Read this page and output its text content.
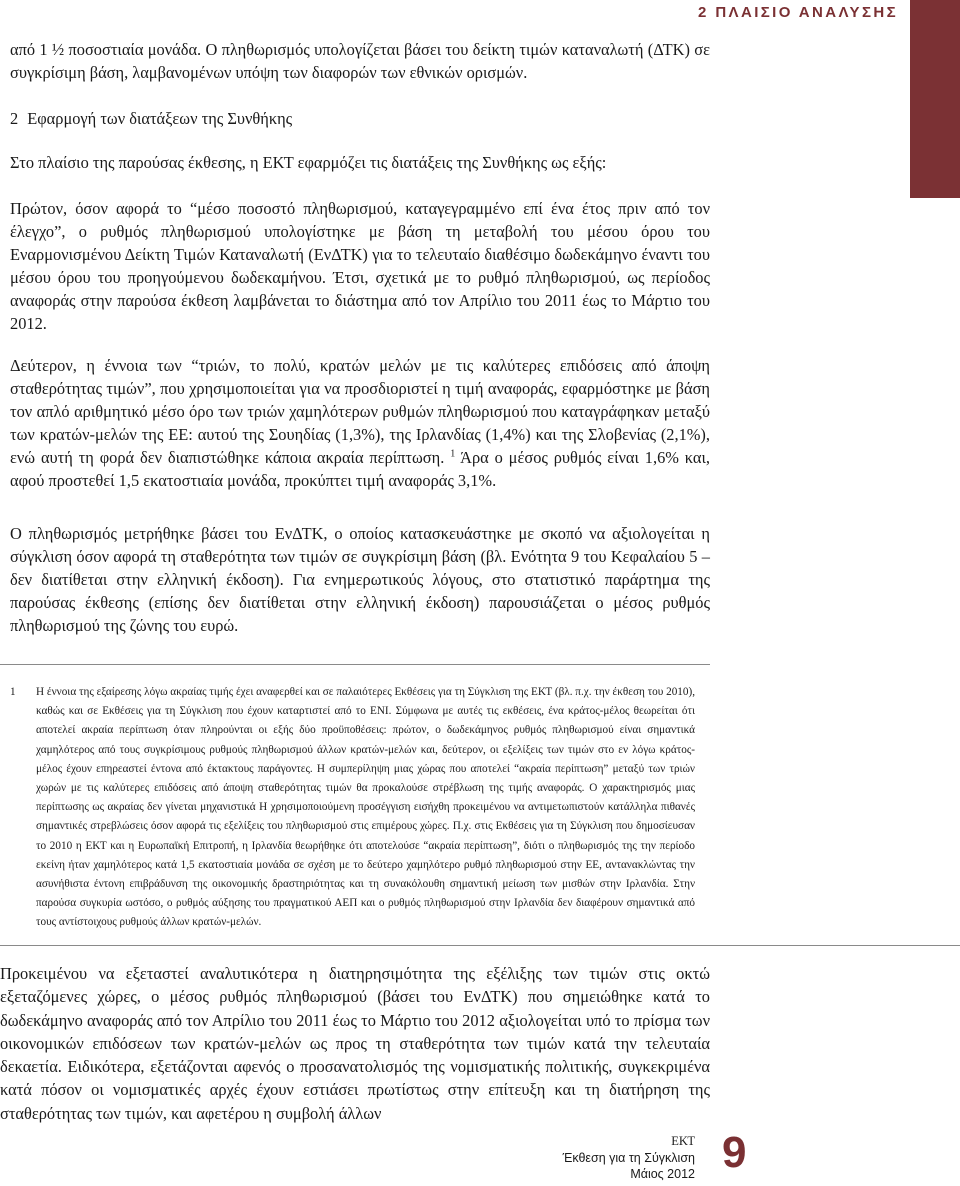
2 ΠΛΑΙΣΙΟ ΑΝΑΛΥΣΗΣ

από 1 ½ ποσοστιαία μονάδα. Ο πληθωρισμός υπολογίζεται βάσει του δείκτη τιμών καταναλωτή (ΔΤΚ) σε συγκρίσιμη βάση, λαμβανομένων υπόψη των διαφορών των εθνικών ορισμών.

2 Εφαρμογή των διατάξεων της Συνθήκης

Στο πλαίσιο της παρούσας έκθεσης, η ΕΚΤ εφαρμόζει τις διατάξεις της Συνθήκης ως εξής:

Πρώτον, όσον αφορά το “μέσο ποσοστό πληθωρισμού, καταγεγραμμένο επί ένα έτος πριν από τον έλεγχο”, ο ρυθμός πληθωρισμού υπολογίστηκε με βάση τη μεταβολή του μέσου όρου του Εναρμονισμένου Δείκτη Τιμών Καταναλωτή (ΕνΔΤΚ) για το τελευταίο διαθέσιμο δωδεκάμηνο έναντι του μέσου όρου του προηγούμενου δωδεκαμήνου. Έτσι, σχετικά με το ρυθμό πληθωρισμού, ως περίοδος αναφοράς στην παρούσα έκθεση λαμβάνεται το διάστημα από τον Απρίλιο του 2011 έως το Μάρτιο του 2012.

Δεύτερον, η έννοια των “τριών, το πολύ, κρατών μελών με τις καλύτερες επιδόσεις από άποψη σταθερότητας τιμών”, που χρησιμοποιείται για να προσδιοριστεί η τιμή αναφοράς, εφαρμόστηκε με βάση τον απλό αριθμητικό μέσο όρο των τριών χαμηλότερων ρυθμών πληθωρισμού που καταγράφηκαν μεταξύ των κρατών-μελών της ΕΕ: αυτού της Σουηδίας (1,3%), της Ιρλανδίας (1,4%) και της Σλοβενίας (2,1%), ενώ αυτή τη φορά δεν διαπιστώθηκε κάποια ακραία περίπτωση. $^1$ Άρα ο μέσος ρυθμός είναι 1,6% και, αφού προστεθεί 1,5 εκατοστιαία μονάδα, προκύπτει τιμή αναφοράς 3,1%.

Ο πληθωρισμός μετρήθηκε βάσει του ΕνΔΤΚ, ο οποίος κατασκευάστηκε με σκοπό να αξιολογείται η σύγκλιση όσον αφορά τη σταθερότητα των τιμών σε συγκρίσιμη βάση (βλ. Ενότητα 9 του Κεφαλαίου 5 – δεν διατίθεται στην ελληνική έκδοση). Για ενημερωτικούς λόγους, στο στατιστικό παράρτημα της παρούσας έκθεσης (επίσης δεν διατίθεται στην ελληνική έκδοση) παρουσιάζεται ο μέσος ρυθμός πληθωρισμού της ζώνης του ευρώ.

1	Η έννοια της εξαίρεσης λόγω ακραίας τιμής έχει αναφερθεί και σε παλαιότερες Εκθέσεις για τη Σύγκλιση της ΕΚΤ (βλ. π.χ. την έκθεση του 2010), καθώς και σε Εκθέσεις για τη Σύγκλιση που έχουν καταρτιστεί από το ΕΝΙ. Σύμφωνα με αυτές τις εκθέσεις, ένα κράτος-μέλος θεωρείται ότι αποτελεί ακραία περίπτωση όταν πληρούνται οι εξής δύο προϋποθέσεις: πρώτον, ο δωδεκάμηνος ρυθμός πληθωρισμού είναι σημαντικά χαμηλότερος από τους συγκρίσιμους ρυθμούς πληθωρισμού άλλων κρατών-μελών και, δεύτερον, οι εξελίξεις των τιμών στο εν λόγω κράτος-μέλος έχουν επηρεαστεί έντονα από έκτακτους παράγοντες. Η συμπερίληψη μιας χώρας που αποτελεί “ακραία περίπτωση” μεταξύ των τριών χωρών με τις καλύτερες επιδόσεις από άποψη σταθερότητας τιμών θα προκαλούσε στρέβλωση της τιμής αναφοράς. Ο χαρακτηρισμός μιας περίπτωσης ως ακραίας δεν γίνεται μηχανιστικά Η χρησιμοποιούμενη προσέγγιση εισήχθη προκειμένου να αντιμετωπιστούν κατάλληλα πιθανές σημαντικές στρεβλώσεις όσον αφορά τις εξελίξεις του πληθωρισμού στις επιμέρους χώρες. Π.χ. στις Εκθέσεις για τη Σύγκλιση που δημοσίευσαν το 2010 η ΕΚΤ και η Ευρωπαϊκή Επιτροπή, η Ιρλανδία θεωρήθηκε ότι αποτελούσε “ακραία περίπτωση”, διότι ο πληθωρισμός της την περίοδο εκείνη ήταν χαμηλότερος κατά 1,5 εκατοστιαία μονάδα σε σχέση με το δεύτερο χαμηλότερο ρυθμό πληθωρισμού στην ΕΕ, αντανακλώντας την ασυνήθιστα έντονη επιβράδυνση της οικονομικής δραστηριότητας και τη συνακόλουθη σημαντική μείωση των μισθών στην Ιρλανδία. Στην παρούσα συγκυρία ωστόσο, ο ρυθμός αύξησης του πραγματικού ΑΕΠ και ο ρυθμός πληθωρισμού στην Ιρλανδία δεν διαφέρουν σημαντικά από τους αντίστοιχους ρυθμούς άλλων κρατών-μελών.

Προκειμένου να εξεταστεί αναλυτικότερα η διατηρησιμότητα της εξέλιξης των τιμών στις οκτώ εξεταζόμενες χώρες, ο μέσος ρυθμός πληθωρισμού (βάσει του ΕνΔΤΚ) που σημειώθηκε κατά το δωδεκάμηνο αναφοράς από τον Απρίλιο του 2011 έως το Μάρτιο του 2012 αξιολογείται υπό το πρίσμα των οικονομικών επιδόσεων των κρατών-μελών ως προς τη σταθερότητα των τιμών κατά την τελευταία δεκαετία. Ειδικότερα, εξετάζονται αφενός ο προσανατολισμός της νομισματικής πολιτικής, συγκεκριμένα κατά πόσον οι νομισματικές αρχές έχουν εστιάσει πρωτίστως στην επίτευξη και τη διατήρηση της σταθερότητας των τιμών, και αφετέρου η συμβολή άλλων

ΕΚΤ
Έκθεση για τη Σύγκλιση
Μάιος 2012 9
